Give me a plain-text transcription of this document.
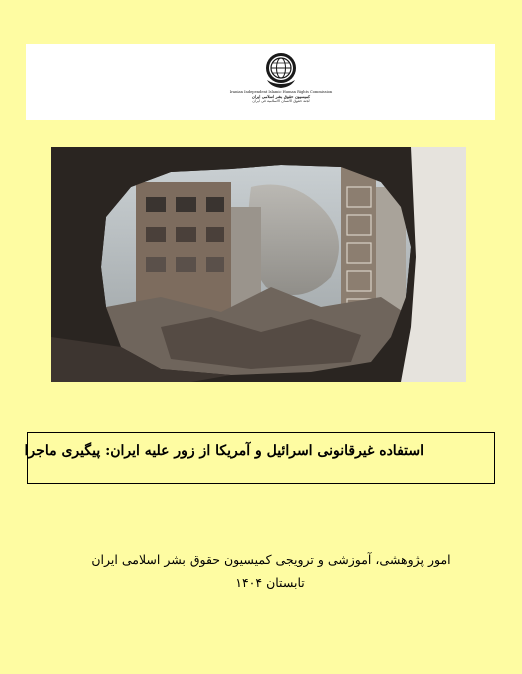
Iranian Independent Islamic Human Rights Commission
کمیسیون حقوق بشر اسلامی ایران
لجنة حقوق الانسان الاسلامیة فی ایران
استفاده غیرقانونی اسرائیل و آمریکا از زور علیه ایران: پیگیری ماجرا
امور پژوهشی، آموزشی و ترویجی کمیسیون حقوق بشر اسلامی ایران
تابستان ۱۴۰۴
